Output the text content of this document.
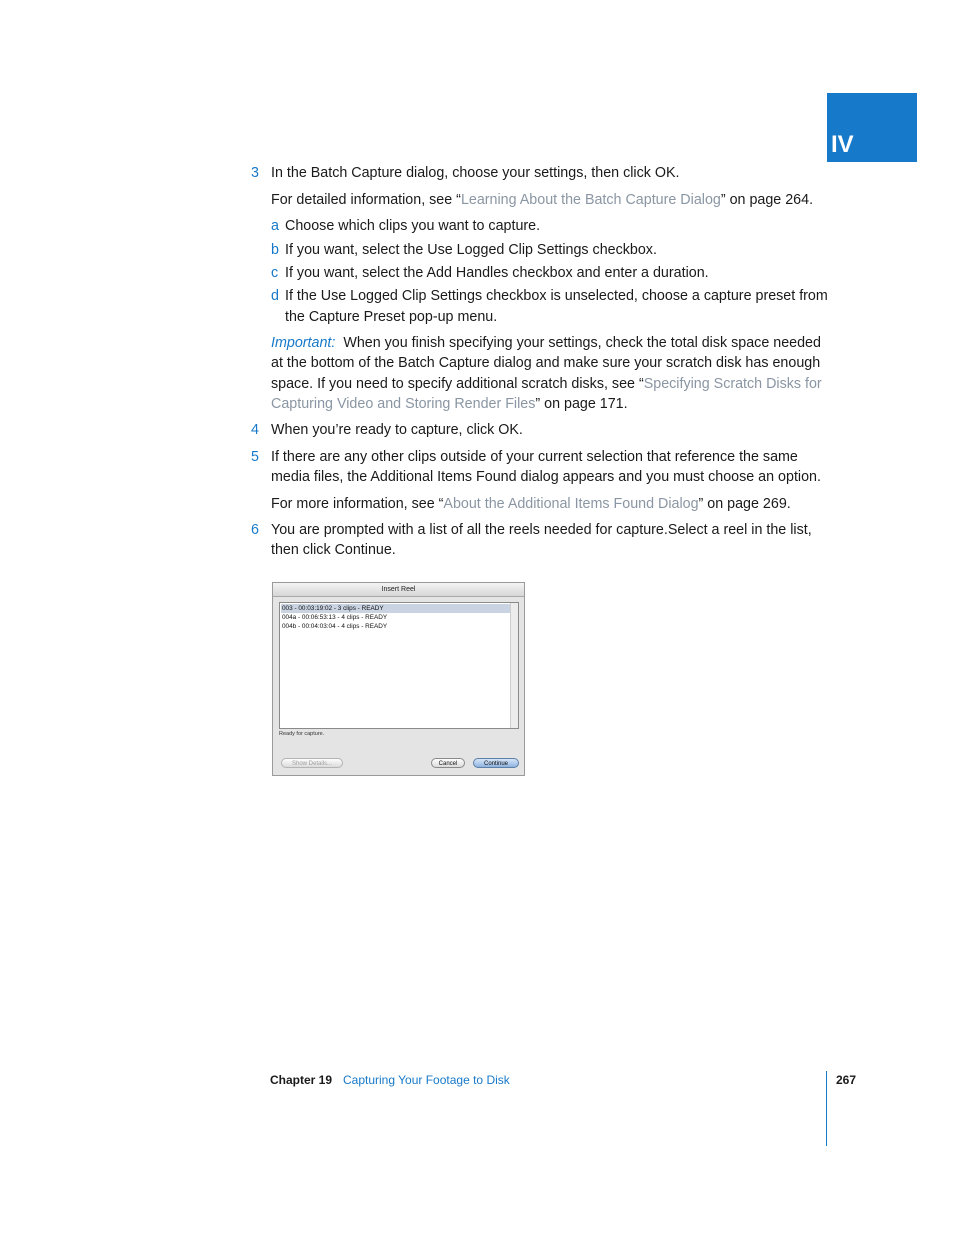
IV
3 In the Batch Capture dialog, choose your settings, then click OK.
For detailed information, see “Learning About the Batch Capture Dialog” on page 264.
a Choose which clips you want to capture.
b If you want, select the Use Logged Clip Settings checkbox.
c If you want, select the Add Handles checkbox and enter a duration.
d If the Use Logged Clip Settings checkbox is unselected, choose a capture preset from
the Capture Preset pop-up menu.
Important: When you finish specifying your settings, check the total disk space needed
at the bottom of the Batch Capture dialog and make sure your scratch disk has enough
space. If you need to specify additional scratch disks, see “Specifying Scratch Disks for
Capturing Video and Storing Render Files” on page 171.
4 When you’re ready to capture, click OK.
5 If there are any other clips outside of your current selection that reference the same
media files, the Additional Items Found dialog appears and you must choose an option.
For more information, see “About the Additional Items Found Dialog” on page 269.
6 You are prompted with a list of all the reels needed for capture.Select a reel in the list,
then click Continue.
Insert Reel
003 - 00:03:19:02 - 3 clips - READY
004a - 00:06:53:13 - 4 clips - READY
004b - 00:04:03:04 - 4 clips - READY
Ready for capture.
Show Details...	Cancel	Continue
Chapter 19 Capturing Your Footage to Disk	267
